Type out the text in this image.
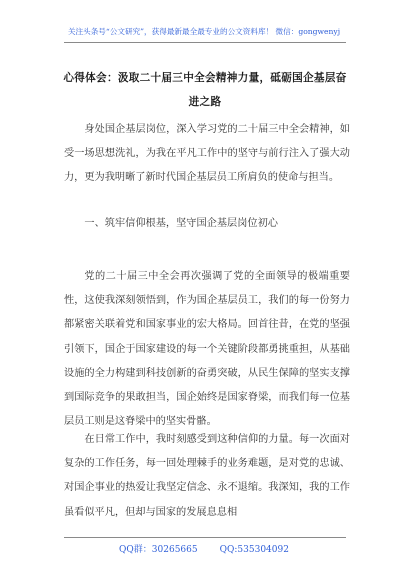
关注头条号“公文研究”，获得最新最全最专业的公文资料库！ 微信：gongwenyj
心得体会：汲取二十届三中全会精神力量，砥砺国企基层奋进之路

身处国企基层岗位，深入学习党的二十届三中全会精神，如受一场思想洗礼，为我在平凡工作中的坚守与前行注入了强大动力，更为我明晰了新时代国企基层员工所肩负的使命与担当。

一、筑牢信仰根基，坚守国企基层岗位初心

党的二十届三中全会再次强调了党的全面领导的极端重要性，这使我深刻领悟到，作为国企基层员工，我们的每一份努力都紧密关联着党和国家事业的宏大格局。回首往昔，在党的坚强引领下，国企于国家建设的每一个关键阶段都勇挑重担，从基础设施的全力构建到科技创新的奋勇突破，从民生保障的坚实支撑到国际竞争的果敢担当，国企始终是国家脊梁，而我们每一位基层员工则是这脊梁中的坚实骨骼。

在日常工作中，我时刻感受到这种信仰的力量。每一次面对复杂的工作任务，每一回处理棘手的业务难题，是对党的忠诚、对国企事业的热爱让我坚定信念、永不退缩。我深知，我的工作虽看似平凡，但却与国家的发展息息相

QQ群：30265665 QQ:535304092
